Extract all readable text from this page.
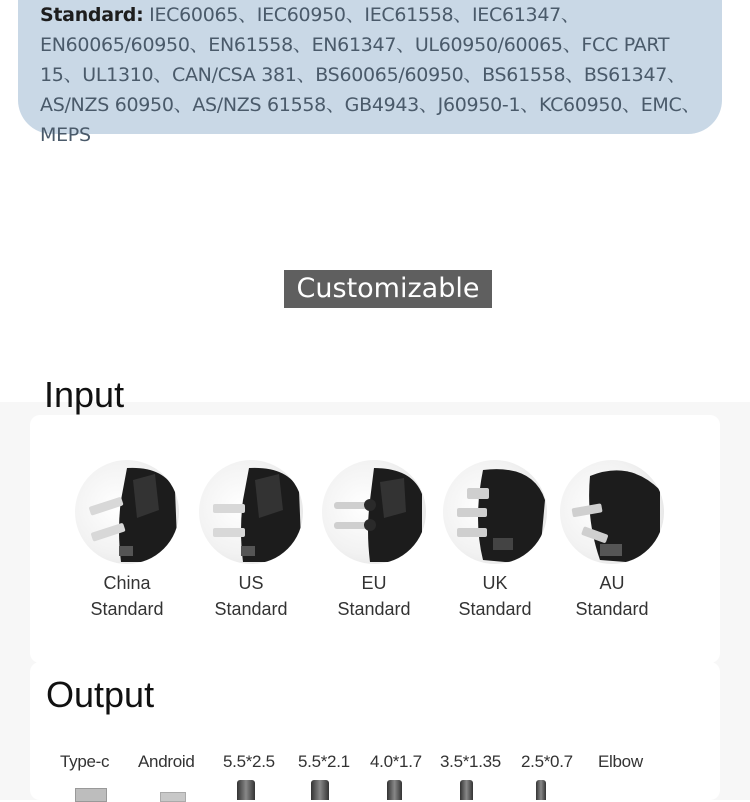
Standard: IEC60065、IEC60950、IEC61558、IEC61347、EN60065/60950、EN61558、EN61347、UL60950/60065、FCC PART 15、UL1310、CAN/CSA 381、BS60065/60950、BS61558、BS61347、AS/NZS 60950、AS/NZS 61558、GB4943、J60950-1、KC60950、EMC、MEPS
Customizable
Input
China
Standard
US
Standard
EU
Standard
UK
Standard
AU
Standard
Output
Type-c Android 5.5*2.5 5.5*2.1 4.0*1.7 3.5*1.35 2.5*0.7 Elbow
